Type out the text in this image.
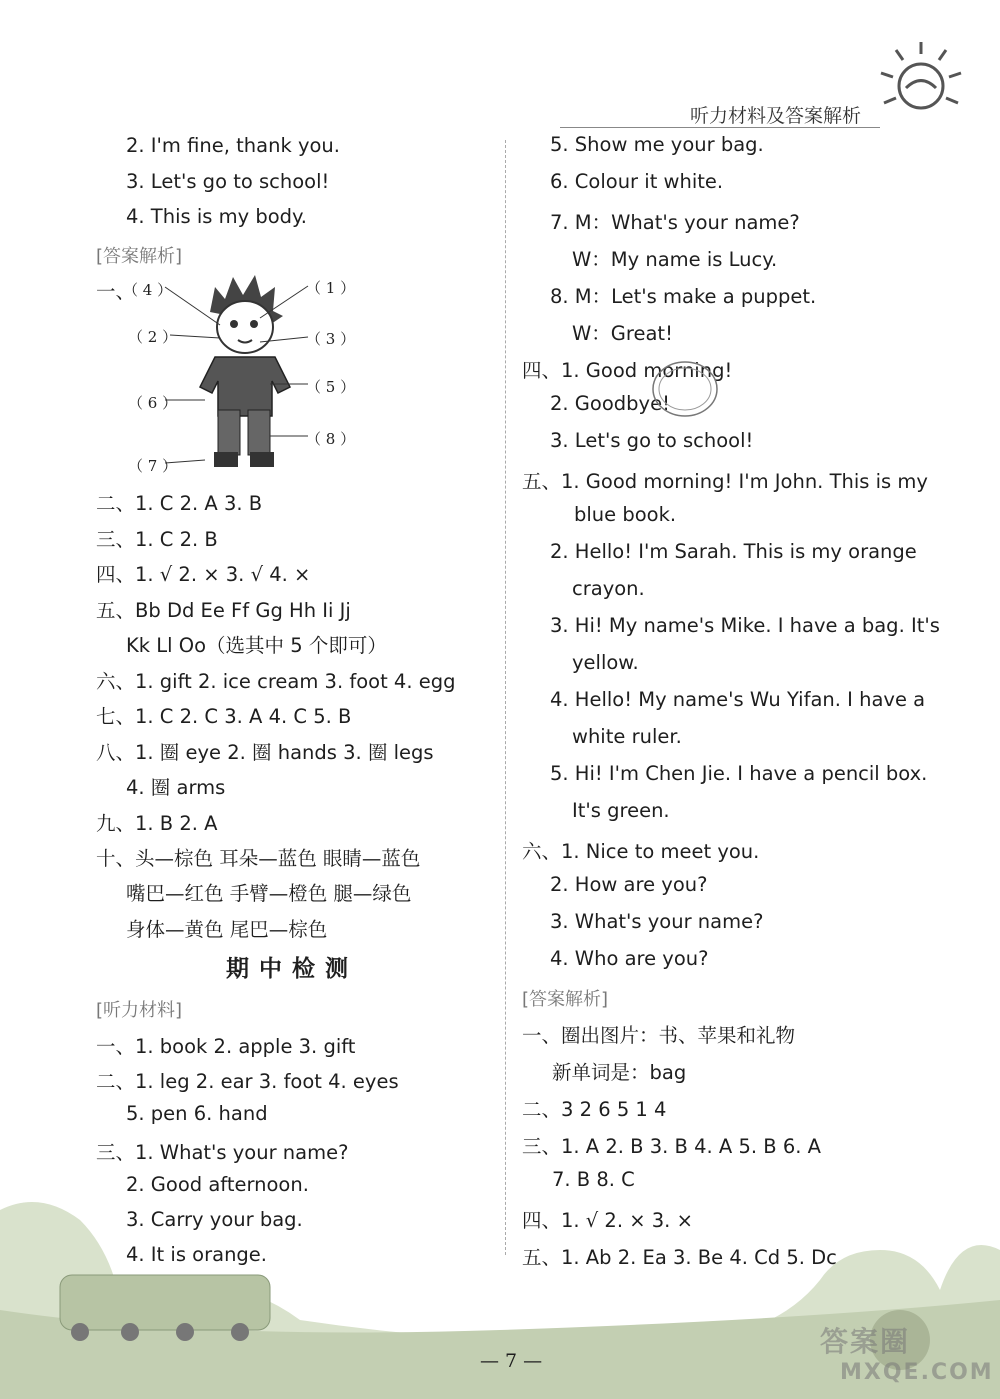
听力材料及答案解析
2. I'm fine, thank you.
3. Let's go to school!
4. This is my body.
[答案解析]
一、
（ 4 ）	（ 1 ）
（ 2 ）	（ 3 ）
（ 5 ）
（ 6 ）
（ 8 ）
（ 7 ）
二、1. C 2. A 3. B
三、1. C 2. B
四、1. √ 2. × 3. √ 4. ×
五、Bb Dd Ee Ff Gg Hh Ii Jj
Kk Ll Oo（选其中 5 个即可）
六、1. gift 2. ice cream 3. foot 4. egg
七、1. C 2. C 3. A 4. C 5. B
八、1. 圈 eye 2. 圈 hands 3. 圈 legs
4. 圈 arms
九、1. B 2. A
十、头—棕色 耳朵—蓝色 眼睛—蓝色
嘴巴—红色 手臂—橙色 腿—绿色
身体—黄色 尾巴—棕色
期中检测
[听力材料]
一、1. book 2. apple 3. gift
二、1. leg 2. ear 3. foot 4. eyes
5. pen 6. hand
三、1. What's your name?
2. Good afternoon.
3. Carry your bag.
4. It is orange.
5. Show me your bag.
6. Colour it white.
7. M：What's your name?
W：My name is Lucy.
8. M：Let's make a puppet.
W：Great!
四、1. Good morning!
2. Goodbye!
3. Let's go to school!
五、1. Good morning! I'm John. This is my
blue book.
2. Hello! I'm Sarah. This is my orange
crayon.
3. Hi! My name's Mike. I have a bag. It's
yellow.
4. Hello! My name's Wu Yifan. I have a
white ruler.
5. Hi! I'm Chen Jie. I have a pencil box.
It's green.
六、1. Nice to meet you.
2. How are you?
3. What's your name?
4. Who are you?
[答案解析]
一、圈出图片：书、苹果和礼物
新单词是：bag
二、3 2 6 5 1 4
三、1. A 2. B 3. B 4. A 5. B 6. A
7. B 8. C
四、1. √ 2. × 3. ×
五、1. Ab 2. Ea 3. Be 4. Cd 5. Dc
— 7 —
答案圈
MXQE.COM
